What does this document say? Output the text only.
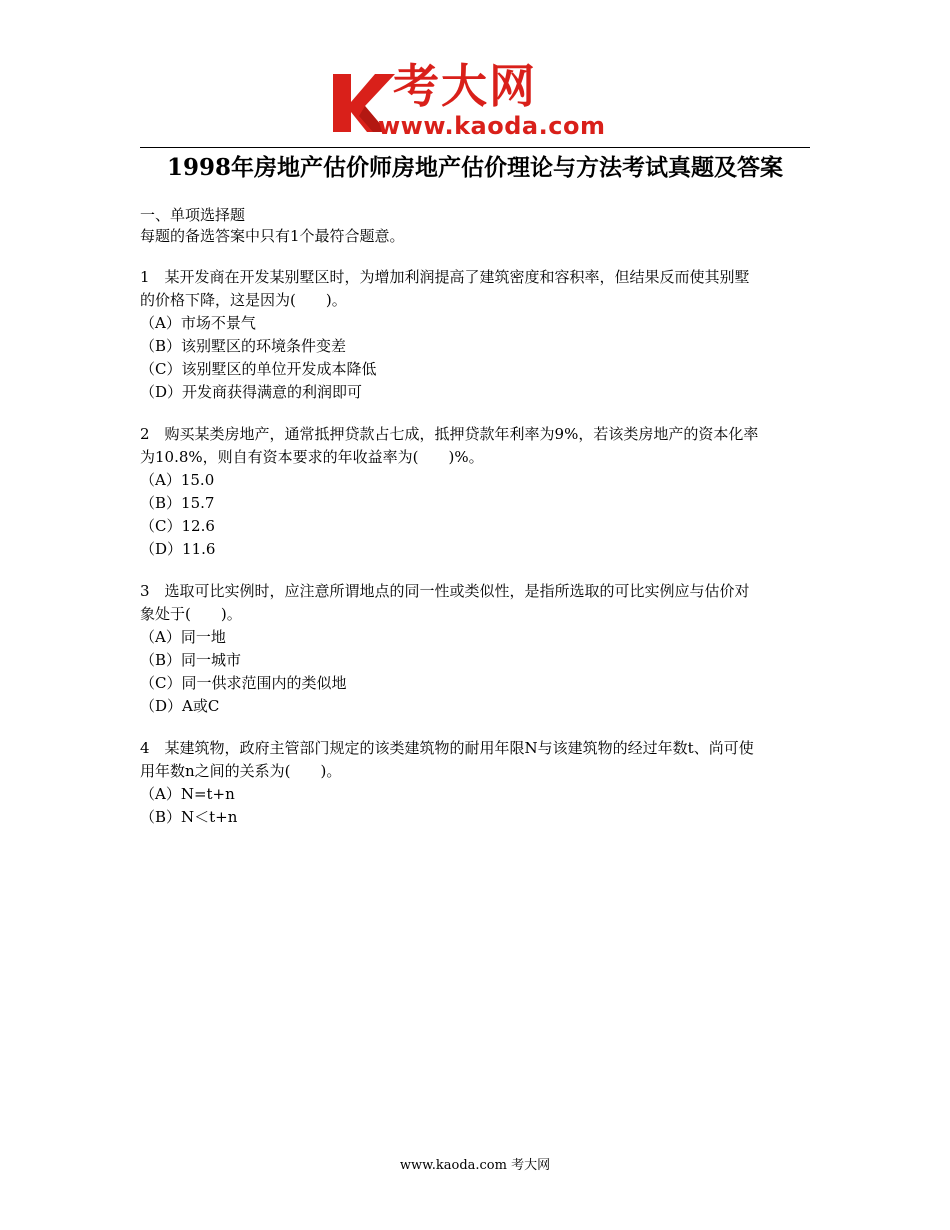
考大网
www.kaoda.com
1998年房地产估价师房地产估价理论与方法考试真题及答案
一、单项选择题

每题的备选答案中只有1个最符合题意。

1　某开发商在开发某别墅区时，为增加利润提高了建筑密度和容积率，但结果反而使其别墅

的价格下降，这是因为(　　)。

（A）市场不景气

（B）该别墅区的环境条件变差

（C）该别墅区的单位开发成本降低

（D）开发商获得满意的利润即可

2　购买某类房地产，通常抵押贷款占七成，抵押贷款年利率为9%，若该类房地产的资本化率

为10.8%，则自有资本要求的年收益率为(　　)%。

（A）15.0

（B）15.7

（C）12.6

（D）11.6

3　选取可比实例时，应注意所谓地点的同一性或类似性，是指所选取的可比实例应与估价对

象处于(　　)。

（A）同一地

（B）同一城市

（C）同一供求范围内的类似地

（D）A或C

4　某建筑物，政府主管部门规定的该类建筑物的耐用年限N与该建筑物的经过年数t、尚可使

用年数n之间的关系为(　　)。

（A）N=t+n

（B）N＜t+n

www.kaoda.com 考大网
